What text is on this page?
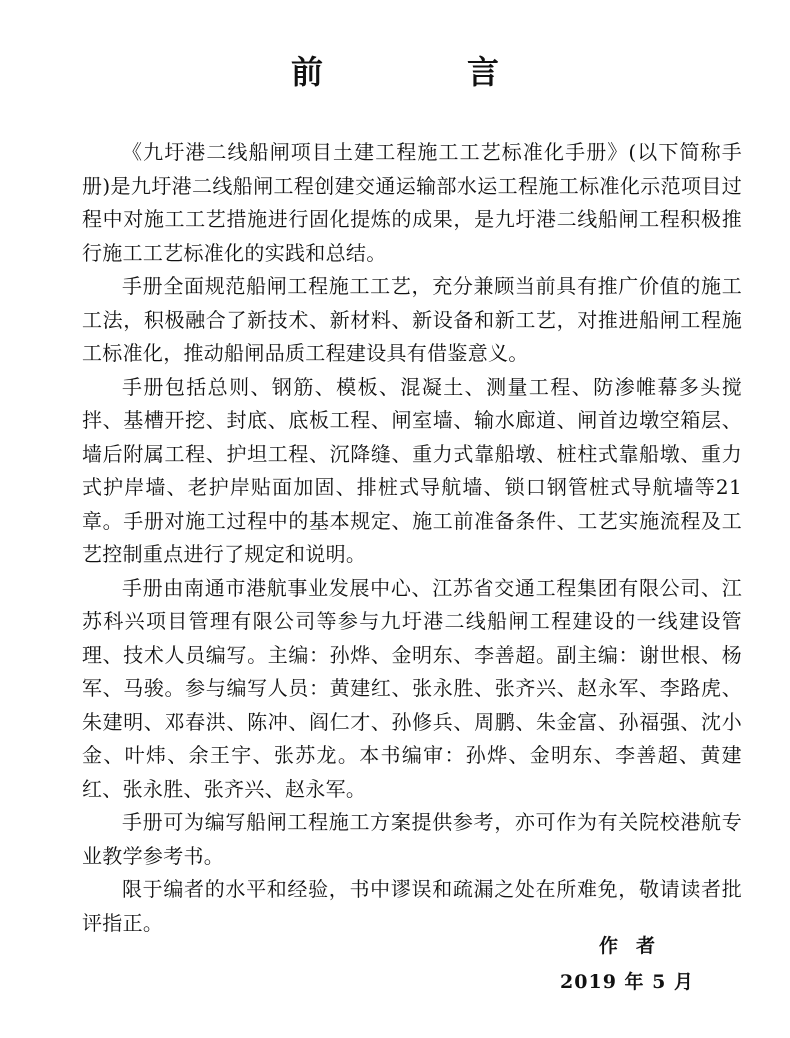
前　言

《九圩港二线船闸项目土建工程施工工艺标准化手册》(以下简称手册)是九圩港二线船闸工程创建交通运输部水运工程施工标准化示范项目过程中对施工工艺措施进行固化提炼的成果，是九圩港二线船闸工程积极推行施工工艺标准化的实践和总结。

手册全面规范船闸工程施工工艺，充分兼顾当前具有推广价值的施工工法，积极融合了新技术、新材料、新设备和新工艺，对推进船闸工程施工标准化，推动船闸品质工程建设具有借鉴意义。

手册包括总则、钢筋、模板、混凝土、测量工程、防渗帷幕多头搅拌、基槽开挖、封底、底板工程、闸室墙、输水廊道、闸首边墩空箱层、墙后附属工程、护坦工程、沉降缝、重力式靠船墩、桩柱式靠船墩、重力式护岸墙、老护岸贴面加固、排桩式导航墙、锁口钢管桩式导航墙等21章。手册对施工过程中的基本规定、施工前准备条件、工艺实施流程及工艺控制重点进行了规定和说明。

手册由南通市港航事业发展中心、江苏省交通工程集团有限公司、江苏科兴项目管理有限公司等参与九圩港二线船闸工程建设的一线建设管理、技术人员编写。主编：孙烨、金明东、李善超。副主编：谢世根、杨军、马骏。参与编写人员：黄建红、张永胜、张齐兴、赵永军、李路虎、朱建明、邓春洪、陈冲、阎仁才、孙修兵、周鹏、朱金富、孙福强、沈小金、叶炜、余王宇、张苏龙。本书编审：孙烨、金明东、李善超、黄建红、张永胜、张齐兴、赵永军。

手册可为编写船闸工程施工方案提供参考，亦可作为有关院校港航专业教学参考书。

限于编者的水平和经验，书中谬误和疏漏之处在所难免，敬请读者批评指正。

作者
2019 年 5 月
